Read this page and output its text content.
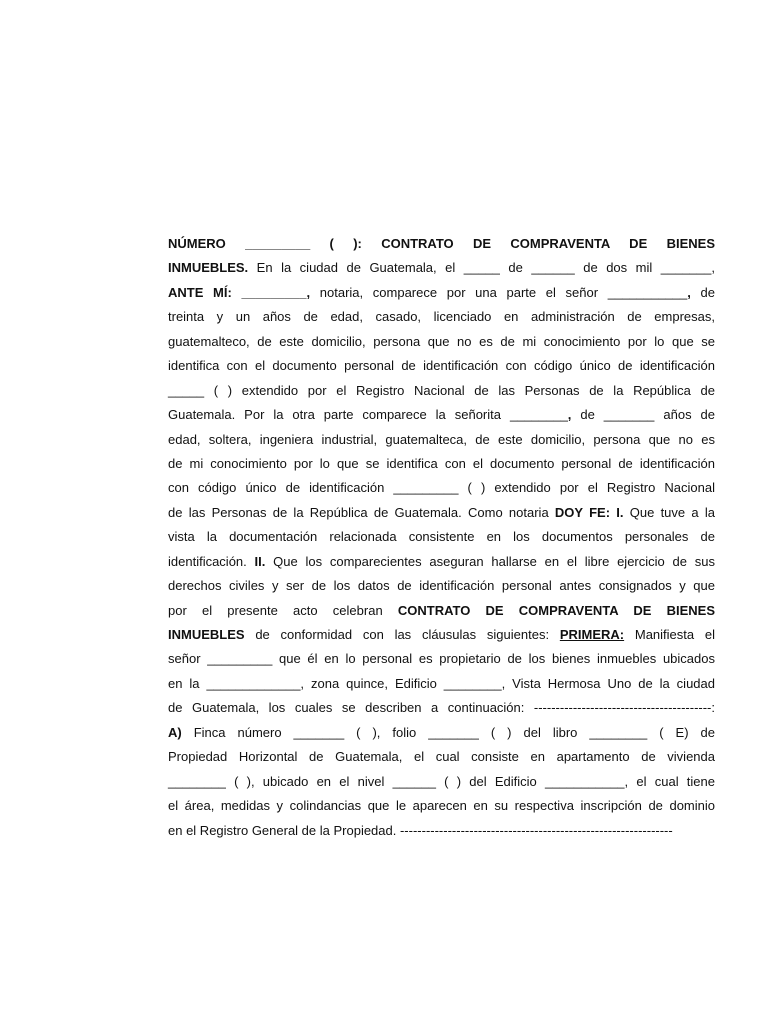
NÚMERO _________ ( ): CONTRATO DE COMPRAVENTA DE BIENES
INMUEBLES. En la ciudad de Guatemala, el _____ de ______ de dos mil _______,
ANTE MÍ: _________, notaria, comparece por una parte el señor ___________, de
treinta y un años de edad, casado, licenciado en administración de empresas,
guatemalteco, de este domicilio, persona que no es de mi conocimiento por lo que se
identifica con el documento personal de identificación con código único de identificación
_____ ( ) extendido por el Registro Nacional de las Personas de la República de
Guatemala. Por la otra parte comparece la señorita ________, de _______ años de
edad, soltera, ingeniera industrial, guatemalteca, de este domicilio, persona que no es
de mi conocimiento por lo que se identifica con el documento personal de identificación
con código único de identificación _________ ( ) extendido por el Registro Nacional
de las Personas de la República de Guatemala. Como notaria DOY FE: I. Que tuve a la
vista la documentación relacionada consistente en los documentos personales de
identificación. II. Que los comparecientes aseguran hallarse en el libre ejercicio de sus
derechos civiles y ser de los datos de identificación personal antes consignados y que
por el presente acto celebran CONTRATO DE COMPRAVENTA DE BIENES
INMUEBLES de conformidad con las cláusulas siguientes: PRIMERA: Manifiesta el
señor _________ que él en lo personal es propietario de los bienes inmuebles ubicados
en la _____________, zona quince, Edificio ________, Vista Hermosa Uno de la ciudad
de Guatemala, los cuales se describen a continuación: -----------------------------------------:
A) Finca número _______ ( ), folio _______ ( ) del libro ________ ( E) de
Propiedad Horizontal de Guatemala, el cual consiste en apartamento de vivienda
________ ( ), ubicado en el nivel ______ ( ) del Edificio ___________, el cual tiene
el área, medidas y colindancias que le aparecen en su respectiva inscripción de dominio
en el Registro General de la Propiedad. ---------------------------------------------------------------
